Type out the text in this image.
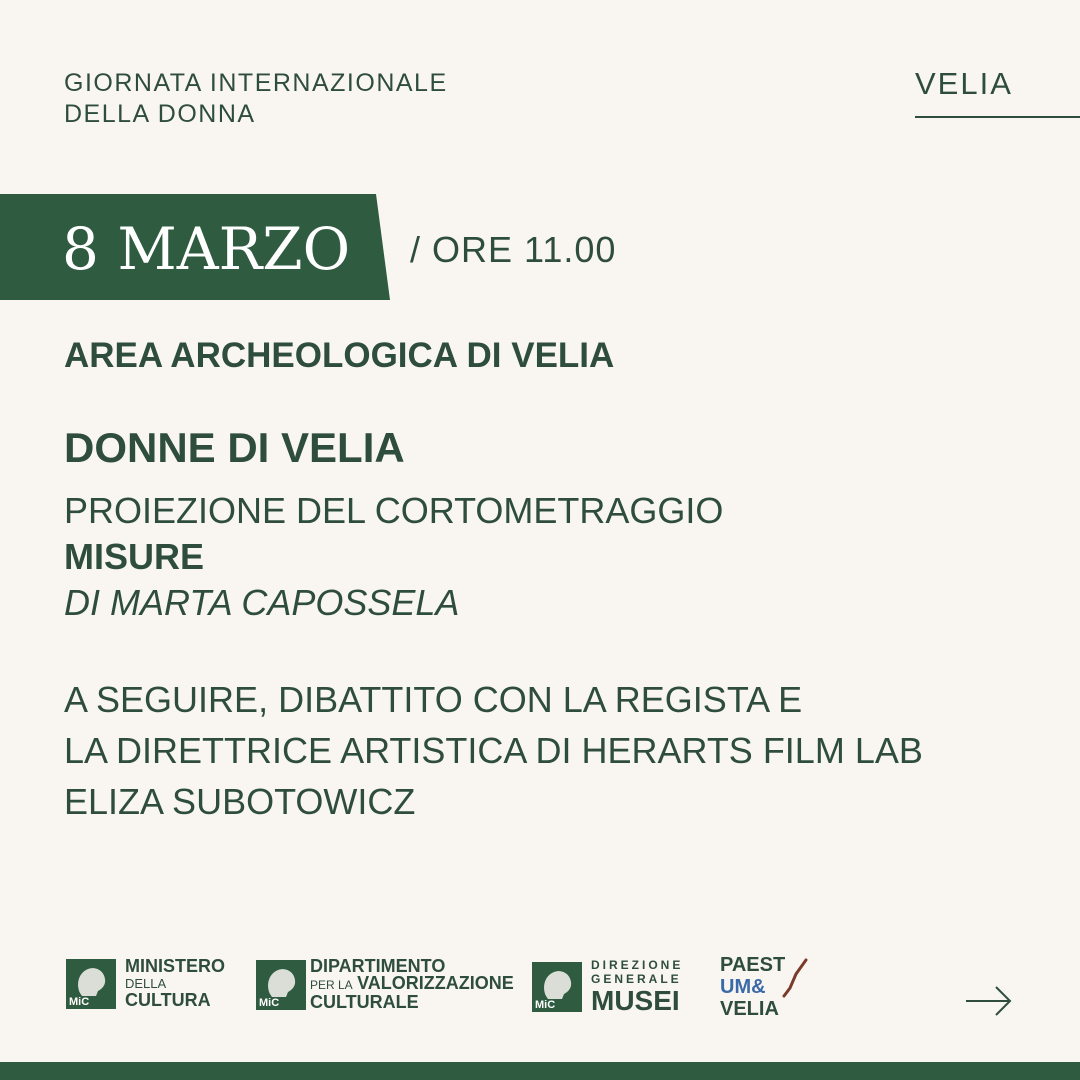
GIORNATA INTERNAZIONALE
DELLA DONNA
VELIA
8 MARZO / ORE 11.00
AREA ARCHEOLOGICA DI VELIA
DONNE DI VELIA
PROIEZIONE DEL CORTOMETRAGGIO
MISURE
DI MARTA CAPOSSELA
A SEGUIRE, DIBATTITO CON LA REGISTA E
LA DIRETTRICE ARTISTICA DI HERARTS FILM LAB
ELIZA SUBOTOWICZ
MiC
MINISTERO
DELLA
CULTURA	MiC
DIPARTIMENTO
PER LA VALORIZZAZIONE
CULTURALE	MiC
DIREZIONE
GENERALE
MUSEI
PAEST
UM&
VELIA
